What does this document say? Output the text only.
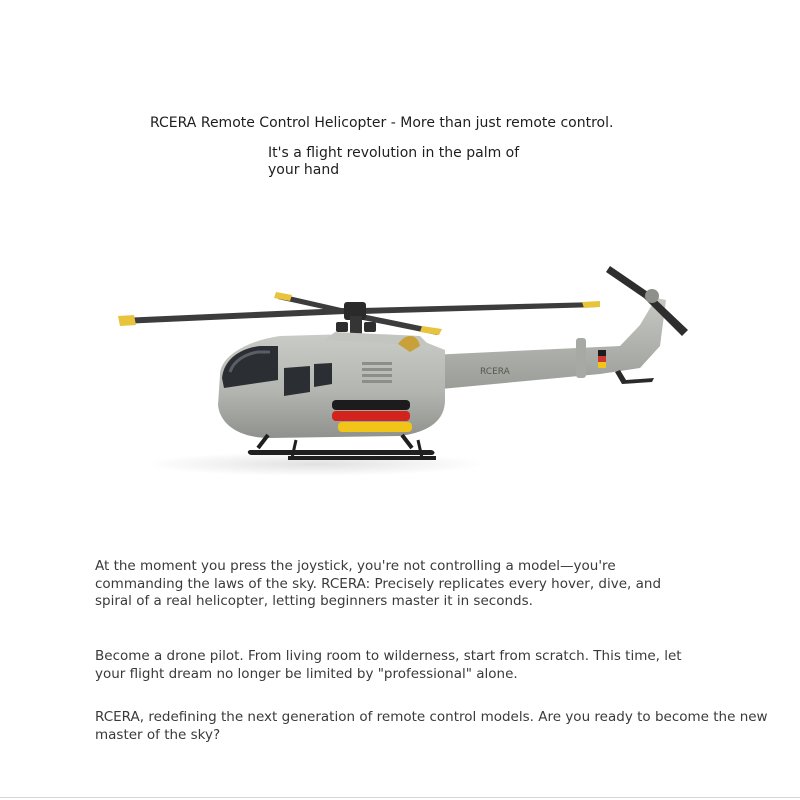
RCERA Remote Control Helicopter - More than just remote control.
It's a flight revolution in the palm of your hand
RCERA
At the moment you press the joystick, you're not controlling a model—you're commanding the laws of the sky. RCERA: Precisely replicates every hover, dive, and spiral of a real helicopter, letting beginners master it in seconds.
Become a drone pilot. From living room to wilderness, start from scratch. This time, let your flight dream no longer be limited by "professional" alone.
RCERA, redefining the next generation of remote control models. Are you ready to become the new master of the sky?
